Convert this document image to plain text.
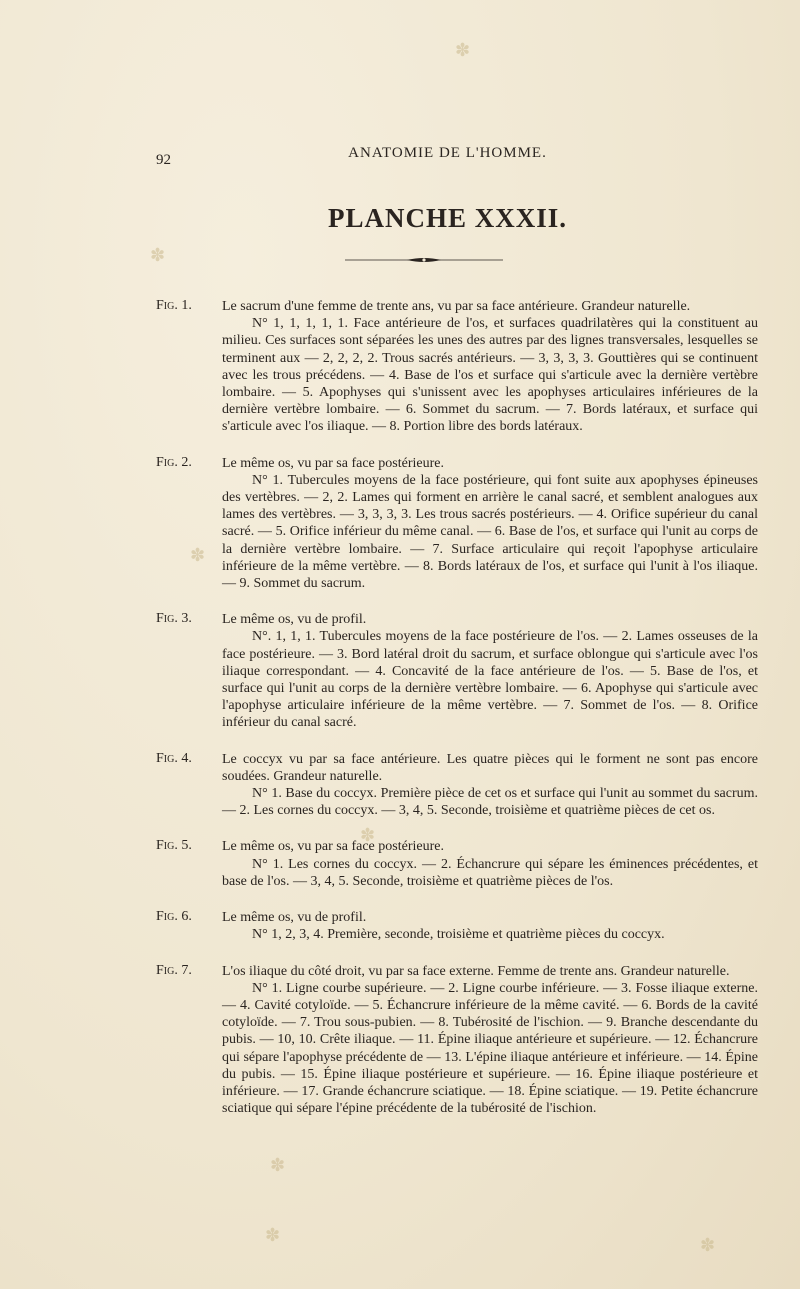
✽
✽
✽
✽
✽
✽
✽
92	ANATOMIE DE L'HOMME.
PLANCHE XXXII.
Fig. 1.	Le sacrum d'une femme de trente ans, vu par sa face antérieure. Grandeur naturelle.

N° 1, 1, 1, 1, 1. Face antérieure de l'os, et surfaces quadrilatères qui la constituent au milieu. Ces surfaces sont séparées les unes des autres par des lignes transversales, lesquelles se terminent aux — 2, 2, 2, 2. Trous sacrés antérieurs. — 3, 3, 3, 3. Gouttières qui se continuent avec les trous précédens. — 4. Base de l'os et surface qui s'articule avec la dernière vertèbre lombaire. — 5. Apophyses qui s'unissent avec les apophyses articulaires inférieures de la dernière vertèbre lombaire. — 6. Sommet du sacrum. — 7. Bords latéraux, et surface qui s'articule avec l'os iliaque. — 8. Portion libre des bords latéraux.

Fig. 2.	Le même os, vu par sa face postérieure.

N° 1. Tubercules moyens de la face postérieure, qui font suite aux apophyses épineuses des vertèbres. — 2, 2. Lames qui forment en arrière le canal sacré, et semblent analogues aux lames des vertèbres. — 3, 3, 3, 3. Les trous sacrés postérieurs. — 4. Orifice supérieur du canal sacré. — 5. Orifice inférieur du même canal. — 6. Base de l'os, et surface qui l'unit au corps de la dernière vertèbre lombaire. — 7. Surface articulaire qui reçoit l'apophyse articulaire inférieure de la même vertèbre. — 8. Bords latéraux de l'os, et surface qui l'unit à l'os iliaque. — 9. Sommet du sacrum.

Fig. 3.	Le même os, vu de profil.

N°. 1, 1, 1. Tubercules moyens de la face postérieure de l'os. — 2. Lames osseuses de la face postérieure. — 3. Bord latéral droit du sacrum, et surface oblongue qui s'articule avec l'os iliaque correspondant. — 4. Concavité de la face antérieure de l'os. — 5. Base de l'os, et surface qui l'unit au corps de la dernière vertèbre lombaire. — 6. Apophyse qui s'articule avec l'apophyse articulaire inférieure de la même vertèbre. — 7. Sommet de l'os. — 8. Orifice inférieur du canal sacré.

Fig. 4.	Le coccyx vu par sa face antérieure. Les quatre pièces qui le forment ne sont pas encore soudées. Grandeur naturelle.

N° 1. Base du coccyx. Première pièce de cet os et surface qui l'unit au sommet du sacrum. — 2. Les cornes du coccyx. — 3, 4, 5. Seconde, troisième et quatrième pièces de cet os.

Fig. 5.	Le même os, vu par sa face postérieure.

N° 1. Les cornes du coccyx. — 2. Échancrure qui sépare les éminences précédentes, et base de l'os. — 3, 4, 5. Seconde, troisième et quatrième pièces de l'os.

Fig. 6.	Le même os, vu de profil.

N° 1, 2, 3, 4. Première, seconde, troisième et quatrième pièces du coccyx.

Fig. 7.	L'os iliaque du côté droit, vu par sa face externe. Femme de trente ans. Grandeur naturelle.

N° 1. Ligne courbe supérieure. — 2. Ligne courbe inférieure. — 3. Fosse iliaque externe. — 4. Cavité cotyloïde. — 5. Échancrure inférieure de la même cavité. — 6. Bords de la cavité cotyloïde. — 7. Trou sous-pubien. — 8. Tubérosité de l'ischion. — 9. Branche descendante du pubis. — 10, 10. Crête iliaque. — 11. Épine iliaque antérieure et supérieure. — 12. Échancrure qui sépare l'apophyse précédente de — 13. L'épine iliaque antérieure et inférieure. — 14. Épine du pubis. — 15. Épine iliaque postérieure et supérieure. — 16. Épine iliaque postérieure et inférieure. — 17. Grande échancrure sciatique. — 18. Épine sciatique. — 19. Petite échancrure sciatique qui sépare l'épine précédente de la tubérosité de l'ischion.
